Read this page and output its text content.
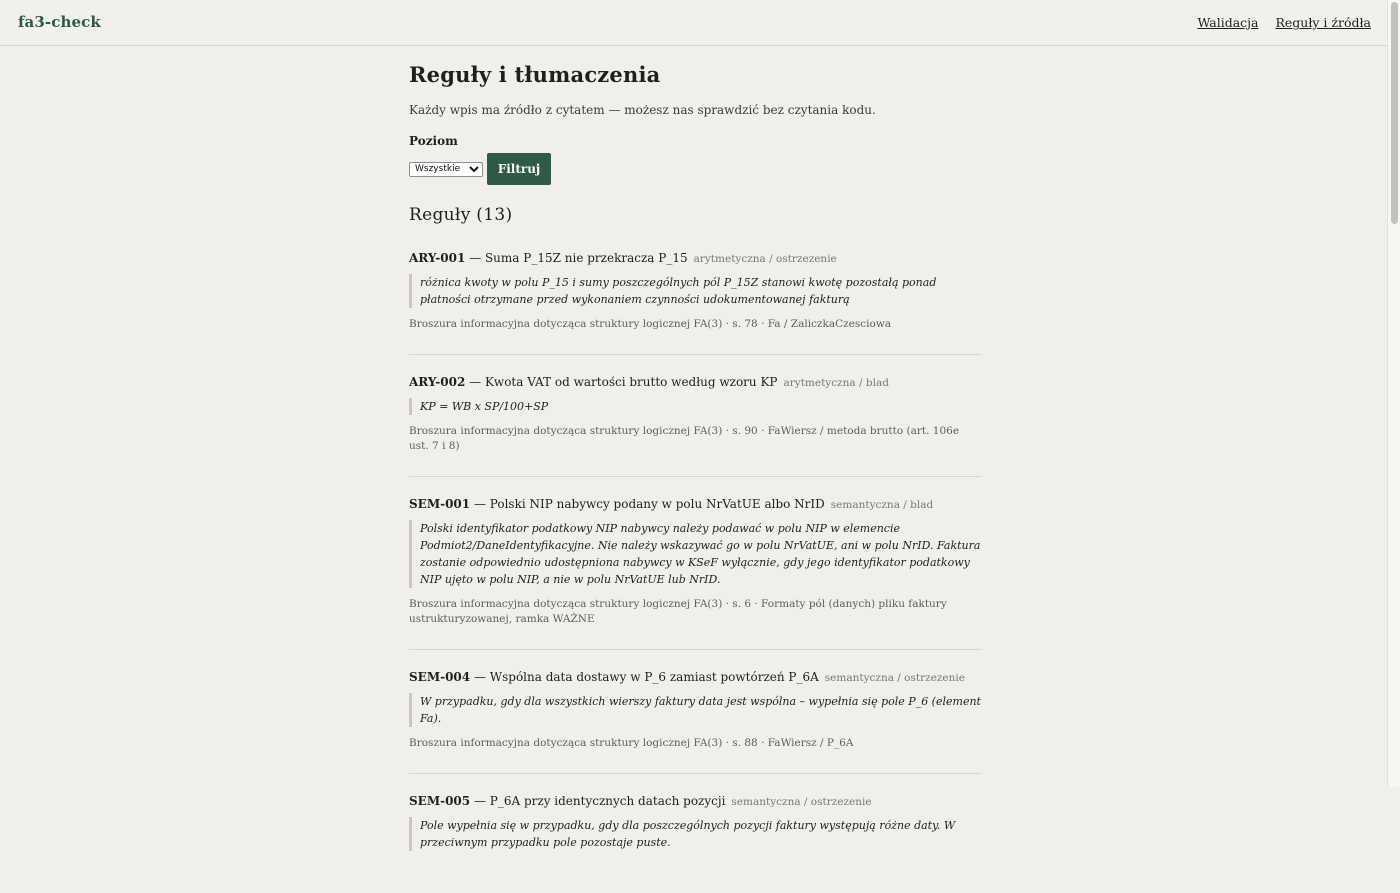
fa3-check	Walidacja Reguły i źródła
Reguły i tłumaczenia

Każdy wpis ma źródło z cytatem — możesz nas sprawdzić bez czytania kodu.

Poziom
Wszystkie
Filtruj
Reguły (13)
ARY-001 — Suma P_15Z nie przekracza P_15 arytmetyczna / ostrzezenie
różnica kwoty w polu P_15 i sumy poszczególnych pól P_15Z stanowi kwotę pozostałą ponad płatności otrzymane przed wykonaniem czynności udokumentowanej fakturą
Broszura informacyjna dotycząca struktury logicznej FA(3) · s. 78 · Fa / ZaliczkaCzesciowa
ARY-002 — Kwota VAT od wartości brutto według wzoru KP arytmetyczna / blad
KP = WB x SP/100+SP
Broszura informacyjna dotycząca struktury logicznej FA(3) · s. 90 · FaWiersz / metoda brutto (art. 106e ust. 7 i 8)
SEM-001 — Polski NIP nabywcy podany w polu NrVatUE albo NrID semantyczna / blad
Polski identyfikator podatkowy NIP nabywcy należy podawać w polu NIP w elemencie Podmiot2/DaneIdentyfikacyjne. Nie należy wskazywać go w polu NrVatUE, ani w polu NrID. Faktura zostanie odpowiednio udostępniona nabywcy w KSeF wyłącznie, gdy jego identyfikator podatkowy NIP ujęto w polu NIP, a nie w polu NrVatUE lub NrID.
Broszura informacyjna dotycząca struktury logicznej FA(3) · s. 6 · Formaty pól (danych) pliku faktury ustrukturyzowanej, ramka WAŻNE
SEM-004 — Wspólna data dostawy w P_6 zamiast powtórzeń P_6A semantyczna / ostrzezenie
W przypadku, gdy dla wszystkich wierszy faktury data jest wspólna – wypełnia się pole P_6 (element Fa).
Broszura informacyjna dotycząca struktury logicznej FA(3) · s. 88 · FaWiersz / P_6A
SEM-005 — P_6A przy identycznych datach pozycji semantyczna / ostrzezenie
Pole wypełnia się w przypadku, gdy dla poszczególnych pozycji faktury występują różne daty. W przeciwnym przypadku pole pozostaje puste.
